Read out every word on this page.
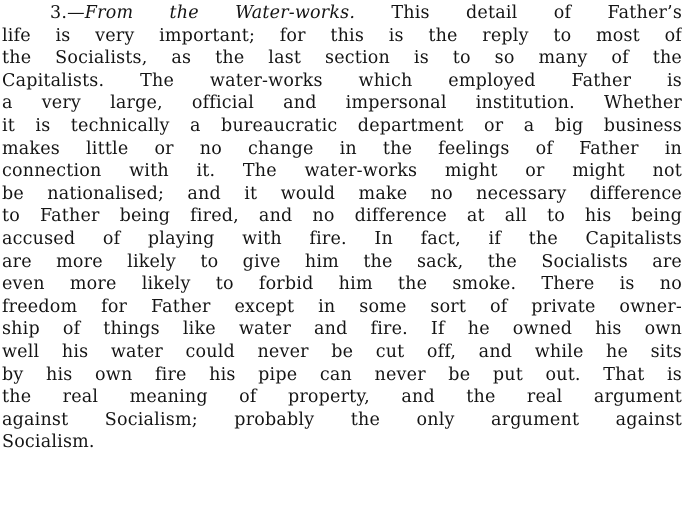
3.—From the Water-works. This detail of Father’s
life is very important; for this is the reply to most of
the Socialists, as the last section is to so many of the
Capitalists. The water-works which employed Father is
a very large, official and impersonal institution. Whether
it is technically a bureaucratic department or a big business
makes little or no change in the feelings of Father in
connection with it. The water-works might or might not
be nationalised; and it would make no necessary difference
to Father being fired, and no difference at all to his being
accused of playing with fire. In fact, if the Capitalists
are more likely to give him the sack, the Socialists are
even more likely to forbid him the smoke. There is no
freedom for Father except in some sort of private owner-
ship of things like water and fire. If he owned his own
well his water could never be cut off, and while he sits
by his own fire his pipe can never be put out. That is
the real meaning of property, and the real argument
against Socialism; probably the only argument against
Socialism.
